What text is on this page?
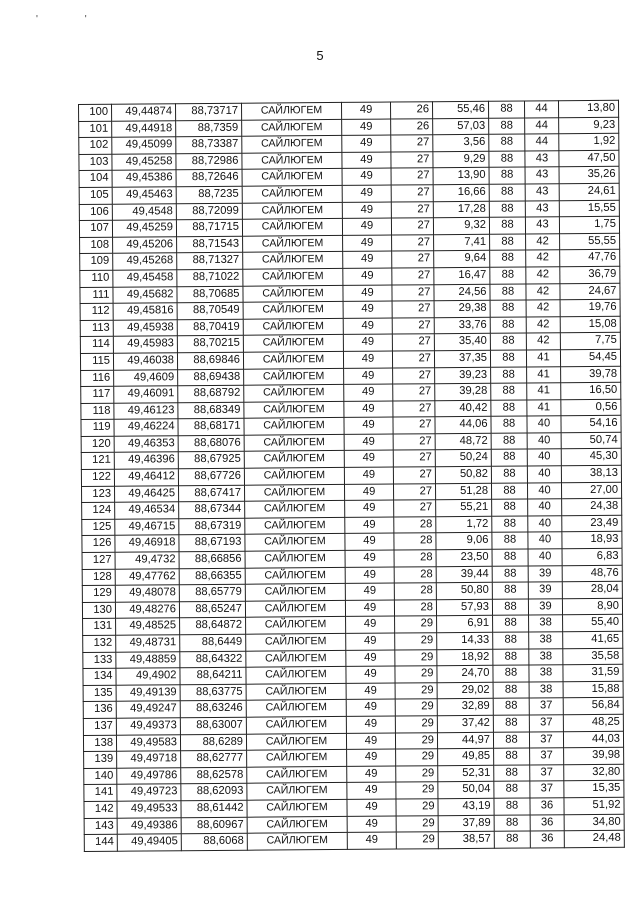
' '
5
100	49,44874	88,73717	САЙЛЮГЕМ	49	26	55,46	88	44	13,80
101	49,44918	88,7359	САЙЛЮГЕМ	49	26	57,03	88	44	9,23
102	49,45099	88,73387	САЙЛЮГЕМ	49	27	3,56	88	44	1,92
103	49,45258	88,72986	САЙЛЮГЕМ	49	27	9,29	88	43	47,50
104	49,45386	88,72646	САЙЛЮГЕМ	49	27	13,90	88	43	35,26
105	49,45463	88,7235	САЙЛЮГЕМ	49	27	16,66	88	43	24,61
106	49,4548	88,72099	САЙЛЮГЕМ	49	27	17,28	88	43	15,55
107	49,45259	88,71715	САЙЛЮГЕМ	49	27	9,32	88	43	1,75
108	49,45206	88,71543	САЙЛЮГЕМ	49	27	7,41	88	42	55,55
109	49,45268	88,71327	САЙЛЮГЕМ	49	27	9,64	88	42	47,76
110	49,45458	88,71022	САЙЛЮГЕМ	49	27	16,47	88	42	36,79
111	49,45682	88,70685	САЙЛЮГЕМ	49	27	24,56	88	42	24,67
112	49,45816	88,70549	САЙЛЮГЕМ	49	27	29,38	88	42	19,76
113	49,45938	88,70419	САЙЛЮГЕМ	49	27	33,76	88	42	15,08
114	49,45983	88,70215	САЙЛЮГЕМ	49	27	35,40	88	42	7,75
115	49,46038	88,69846	САЙЛЮГЕМ	49	27	37,35	88	41	54,45
116	49,4609	88,69438	САЙЛЮГЕМ	49	27	39,23	88	41	39,78
117	49,46091	88,68792	САЙЛЮГЕМ	49	27	39,28	88	41	16,50
118	49,46123	88,68349	САЙЛЮГЕМ	49	27	40,42	88	41	0,56
119	49,46224	88,68171	САЙЛЮГЕМ	49	27	44,06	88	40	54,16
120	49,46353	88,68076	САЙЛЮГЕМ	49	27	48,72	88	40	50,74
121	49,46396	88,67925	САЙЛЮГЕМ	49	27	50,24	88	40	45,30
122	49,46412	88,67726	САЙЛЮГЕМ	49	27	50,82	88	40	38,13
123	49,46425	88,67417	САЙЛЮГЕМ	49	27	51,28	88	40	27,00
124	49,46534	88,67344	САЙЛЮГЕМ	49	27	55,21	88	40	24,38
125	49,46715	88,67319	САЙЛЮГЕМ	49	28	1,72	88	40	23,49
126	49,46918	88,67193	САЙЛЮГЕМ	49	28	9,06	88	40	18,93
127	49,4732	88,66856	САЙЛЮГЕМ	49	28	23,50	88	40	6,83
128	49,47762	88,66355	САЙЛЮГЕМ	49	28	39,44	88	39	48,76
129	49,48078	88,65779	САЙЛЮГЕМ	49	28	50,80	88	39	28,04
130	49,48276	88,65247	САЙЛЮГЕМ	49	28	57,93	88	39	8,90
131	49,48525	88,64872	САЙЛЮГЕМ	49	29	6,91	88	38	55,40
132	49,48731	88,6449	САЙЛЮГЕМ	49	29	14,33	88	38	41,65
133	49,48859	88,64322	САЙЛЮГЕМ	49	29	18,92	88	38	35,58
134	49,4902	88,64211	САЙЛЮГЕМ	49	29	24,70	88	38	31,59
135	49,49139	88,63775	САЙЛЮГЕМ	49	29	29,02	88	38	15,88
136	49,49247	88,63246	САЙЛЮГЕМ	49	29	32,89	88	37	56,84
137	49,49373	88,63007	САЙЛЮГЕМ	49	29	37,42	88	37	48,25
138	49,49583	88,6289	САЙЛЮГЕМ	49	29	44,97	88	37	44,03
139	49,49718	88,62777	САЙЛЮГЕМ	49	29	49,85	88	37	39,98
140	49,49786	88,62578	САЙЛЮГЕМ	49	29	52,31	88	37	32,80
141	49,49723	88,62093	САЙЛЮГЕМ	49	29	50,04	88	37	15,35
142	49,49533	88,61442	САЙЛЮГЕМ	49	29	43,19	88	36	51,92
143	49,49386	88,60967	САЙЛЮГЕМ	49	29	37,89	88	36	34,80
144	49,49405	88,6068	САЙЛЮГЕМ	49	29	38,57	88	36	24,48
